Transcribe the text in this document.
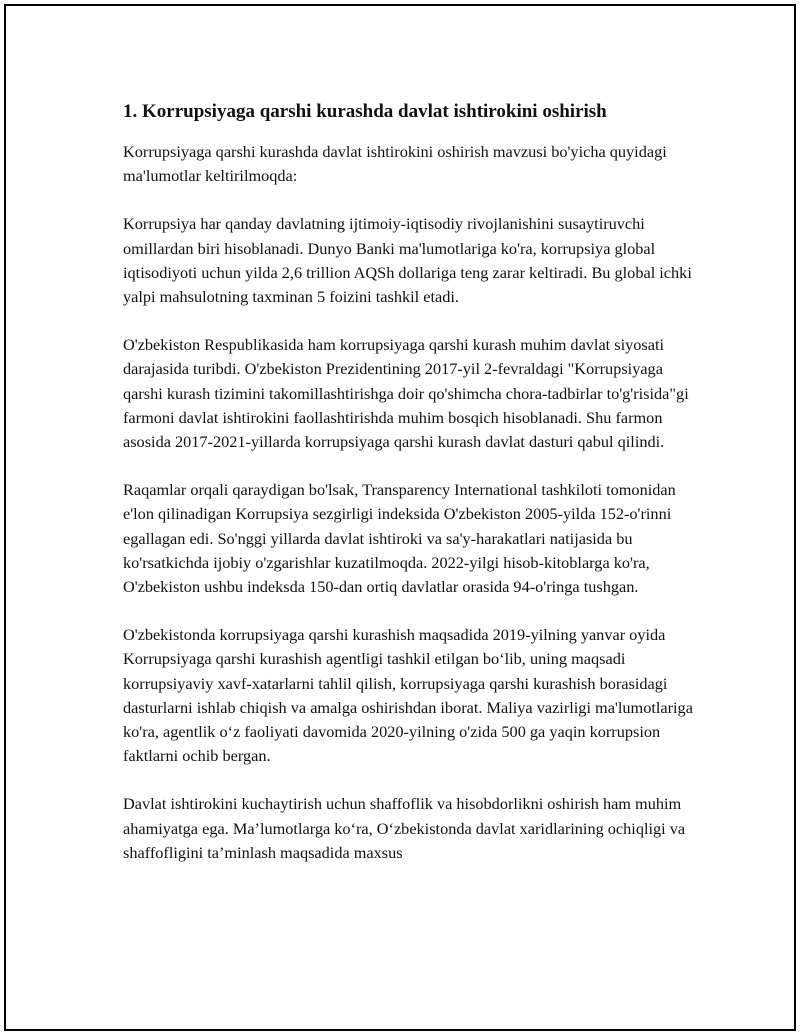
1. Korrupsiyaga qarshi kurashda davlat ishtirokini oshirish

Korrupsiyaga qarshi kurashda davlat ishtirokini oshirish mavzusi bo'yicha quyidagi ma'lumotlar keltirilmoqda:

Korrupsiya har qanday davlatning ijtimoiy-iqtisodiy rivojlanishini susaytiruvchi omillardan biri hisoblanadi. Dunyo Banki ma'lumotlariga ko'ra, korrupsiya global iqtisodiyoti uchun yilda 2,6 trillion AQSh dollariga teng zarar keltiradi. Bu global ichki yalpi mahsulotning taxminan 5 foizini tashkil etadi.

O'zbekiston Respublikasida ham korrupsiyaga qarshi kurash muhim davlat siyosati darajasida turibdi. O'zbekiston Prezidentining 2017-yil 2-fevraldagi "Korrupsiyaga qarshi kurash tizimini takomillashtirishga doir qo'shimcha chora-tadbirlar to'g'risida"gi farmoni davlat ishtirokini faollashtirishda muhim bosqich hisoblanadi. Shu farmon asosida 2017-2021-yillarda korrupsiyaga qarshi kurash davlat dasturi qabul qilindi.

Raqamlar orqali qaraydigan bo'lsak, Transparency International tashkiloti tomonidan e'lon qilinadigan Korrupsiya sezgirligi indeksida O'zbekiston 2005-yilda 152-o'rinni egallagan edi. So'nggi yillarda davlat ishtiroki va sa'y-harakatlari natijasida bu ko'rsatkichda ijobiy o'zgarishlar kuzatilmoqda. 2022-yilgi hisob-kitoblarga ko'ra, O'zbekiston ushbu indeksda 150-dan ortiq davlatlar orasida 94-o'ringa tushgan.

O'zbekistonda korrupsiyaga qarshi kurashish maqsadida 2019-yilning yanvar oyida Korrupsiyaga qarshi kurashish agentligi tashkil etilgan bo‘lib, uning maqsadi korrupsiyaviy xavf-xatarlarni tahlil qilish, korrupsiyaga qarshi kurashish borasidagi dasturlarni ishlab chiqish va amalga oshirishdan iborat. Maliya vazirligi ma'lumotlariga ko'ra, agentlik o‘z faoliyati davomida 2020-yilning o'zida 500 ga yaqin korrupsion faktlarni ochib bergan.

Davlat ishtirokini kuchaytirish uchun shaffoflik va hisobdorlikni oshirish ham muhim ahamiyatga ega. Ma’lumotlarga ko‘ra, O‘zbekistonda davlat xaridlarining ochiqligi va shaffofligini ta’minlash maqsadida maxsus
